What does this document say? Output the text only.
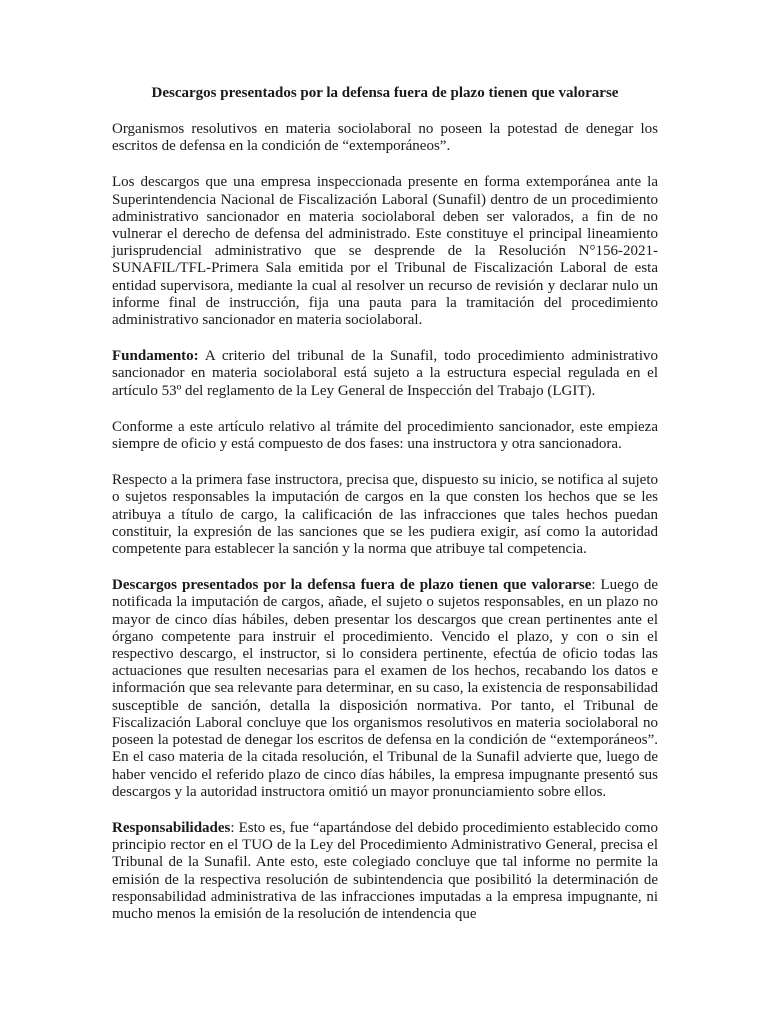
Descargos presentados por la defensa fuera de plazo tienen que valorarse

Organismos resolutivos en materia sociolaboral no poseen la potestad de denegar los escritos de defensa en la condición de “extemporáneos”.

Los descargos que una empresa inspeccionada presente en forma extemporánea ante la Superintendencia Nacional de Fiscalización Laboral (Sunafil) dentro de un procedimiento administrativo sancionador en materia sociolaboral deben ser valorados, a fin de no vulnerar el derecho de defensa del administrado. Este constituye el principal lineamiento jurisprudencial administrativo que se desprende de la Resolución N°156-2021-SUNAFIL/TFL-Primera Sala emitida por el Tribunal de Fiscalización Laboral de esta entidad supervisora, mediante la cual al resolver un recurso de revisión y declarar nulo un informe final de instrucción, fija una pauta para la tramitación del procedimiento administrativo sancionador en materia sociolaboral.

Fundamento: A criterio del tribunal de la Sunafil, todo procedimiento administrativo sancionador en materia sociolaboral está sujeto a la estructura especial regulada en el artículo 53º del reglamento de la Ley General de Inspección del Trabajo (LGIT).

Conforme a este artículo relativo al trámite del procedimiento sancionador, este empieza siempre de oficio y está compuesto de dos fases: una instructora y otra sancionadora.

Respecto a la primera fase instructora, precisa que, dispuesto su inicio, se notifica al sujeto o sujetos responsables la imputación de cargos en la que consten los hechos que se les atribuya a título de cargo, la calificación de las infracciones que tales hechos puedan constituir, la expresión de las sanciones que se les pudiera exigir, así como la autoridad competente para establecer la sanción y la norma que atribuye tal competencia.

Descargos presentados por la defensa fuera de plazo tienen que valorarse: Luego de notificada la imputación de cargos, añade, el sujeto o sujetos responsables, en un plazo no mayor de cinco días hábiles, deben presentar los descargos que crean pertinentes ante el órgano competente para instruir el procedimiento. Vencido el plazo, y con o sin el respectivo descargo, el instructor, si lo considera pertinente, efectúa de oficio todas las actuaciones que resulten necesarias para el examen de los hechos, recabando los datos e información que sea relevante para determinar, en su caso, la existencia de responsabilidad susceptible de sanción, detalla la disposición normativa. Por tanto, el Tribunal de Fiscalización Laboral concluye que los organismos resolutivos en materia sociolaboral no poseen la potestad de denegar los escritos de defensa en la condición de “extemporáneos”. En el caso materia de la citada resolución, el Tribunal de la Sunafil advierte que, luego de haber vencido el referido plazo de cinco días hábiles, la empresa impugnante presentó sus descargos y la autoridad instructora omitió un mayor pronunciamiento sobre ellos.

Responsabilidades: Esto es, fue “apartándose del debido procedimiento establecido como principio rector en el TUO de la Ley del Procedimiento Administrativo General, precisa el Tribunal de la Sunafil. Ante esto, este colegiado concluye que tal informe no permite la emisión de la respectiva resolución de subintendencia que posibilitó la determinación de responsabilidad administrativa de las infracciones imputadas a la empresa impugnante, ni mucho menos la emisión de la resolución de intendencia que
